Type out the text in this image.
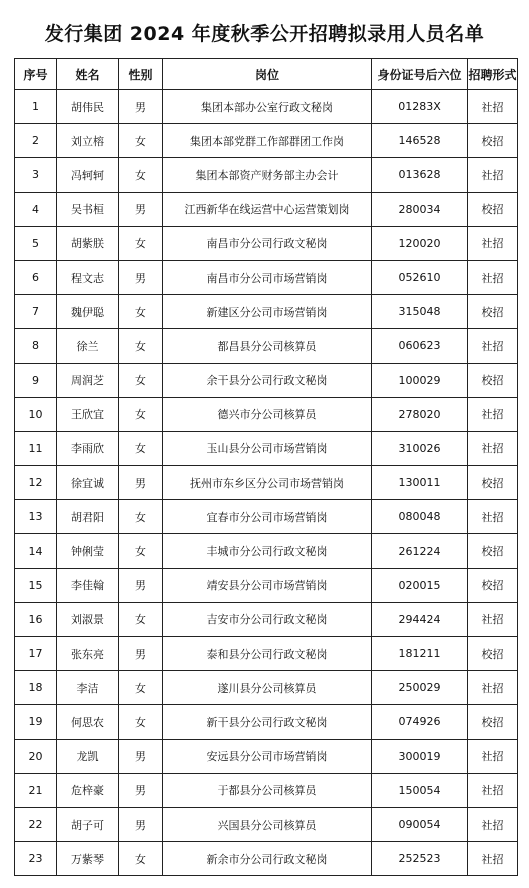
发行集团 2024 年度秋季公开招聘拟录用人员名单
序号	姓名	性别	岗位	身份证号后六位	招聘形式
1	胡伟民	男	集团本部办公室行政文秘岗	01283X	社招
2	刘立榕	女	集团本部党群工作部群团工作岗	146528	校招
3	冯轲轲	女	集团本部资产财务部主办会计	013628	社招
4	吴书桓	男	江西新华在线运营中心运营策划岗	280034	校招
5	胡紫朕	女	南昌市分公司行政文秘岗	120020	社招
6	程文志	男	南昌市分公司市场营销岗	052610	社招
7	魏伊聪	女	新建区分公司市场营销岗	315048	校招
8	徐兰	女	都昌县分公司核算员	060623	社招
9	周润芝	女	余干县分公司行政文秘岗	100029	校招
10	王欣宜	女	德兴市分公司核算员	278020	社招
11	李雨欣	女	玉山县分公司市场营销岗	310026	社招
12	徐宜诚	男	抚州市东乡区分公司市场营销岗	130011	校招
13	胡君阳	女	宜春市分公司市场营销岗	080048	社招
14	钟俐莹	女	丰城市分公司行政文秘岗	261224	校招
15	李佳翰	男	靖安县分公司市场营销岗	020015	校招
16	刘淑景	女	吉安市分公司行政文秘岗	294424	社招
17	张东亮	男	泰和县分公司行政文秘岗	181211	校招
18	李洁	女	遂川县分公司核算员	250029	社招
19	何思农	女	新干县分公司行政文秘岗	074926	校招
20	龙凯	男	安远县分公司市场营销岗	300019	社招
21	危梓豪	男	于都县分公司核算员	150054	社招
22	胡子可	男	兴国县分公司核算员	090054	社招
23	万紫琴	女	新余市分公司行政文秘岗	252523	社招
